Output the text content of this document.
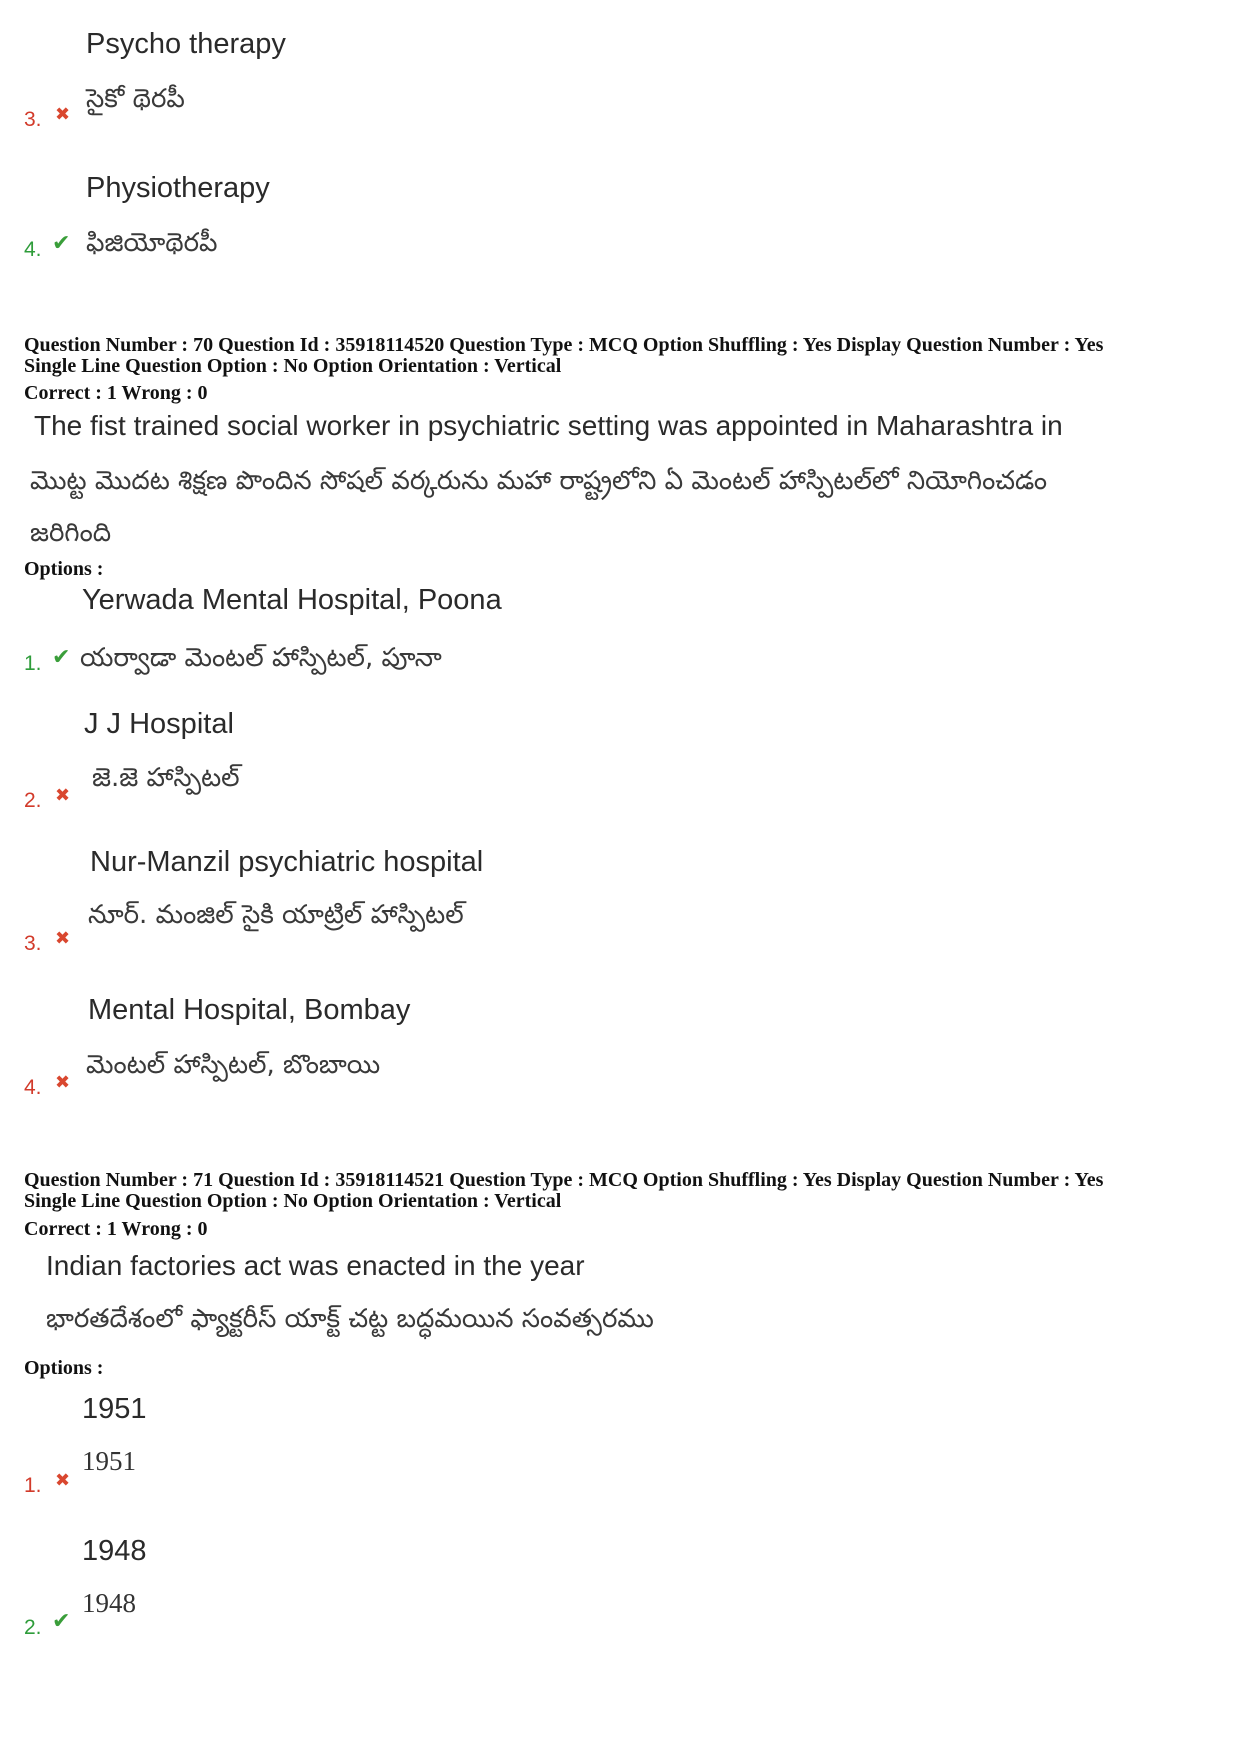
Psycho therapy
3. ✖
సైకో థెరపీ
Physiotherapy
4. ✔ ఫిజియోథెరపీ
Question Number : 70 Question Id : 35918114520 Question Type : MCQ Option Shuffling : Yes Display Question Number : Yes
Single Line Question Option : No Option Orientation : Vertical
Correct : 1 Wrong : 0
The fist trained social worker in psychiatric setting was appointed in Maharashtra in
మొట్ట మొదట శిక్షణ పొందిన సోషల్ వర్కరును మహా రాష్ట్రలోని ఏ మెంటల్ హాస్పిటల్‌లో నియోగించడం
జరిగింది
Options :
Yerwada Mental Hospital, Poona
1. ✔ యర్వాడా మెంటల్ హాస్పిటల్, పూనా
J J Hospital
2. ✖
జె.జె హాస్పిటల్
Nur-Manzil psychiatric hospital
3. ✖
నూర్. మంజిల్ సైకి యాట్రిల్ హాస్పిటల్
Mental Hospital, Bombay
4. ✖
మెంటల్ హాస్పిటల్, బొంబాయి
Question Number : 71 Question Id : 35918114521 Question Type : MCQ Option Shuffling : Yes Display Question Number : Yes
Single Line Question Option : No Option Orientation : Vertical
Correct : 1 Wrong : 0
Indian factories act was enacted in the year
భారతదేశంలో ఫ్యాక్టరీస్ యాక్ట్ చట్ట బద్ధమయిన సంవత్సరము
Options :
1951
1. ✖
1951
1948
2. ✔
1948
